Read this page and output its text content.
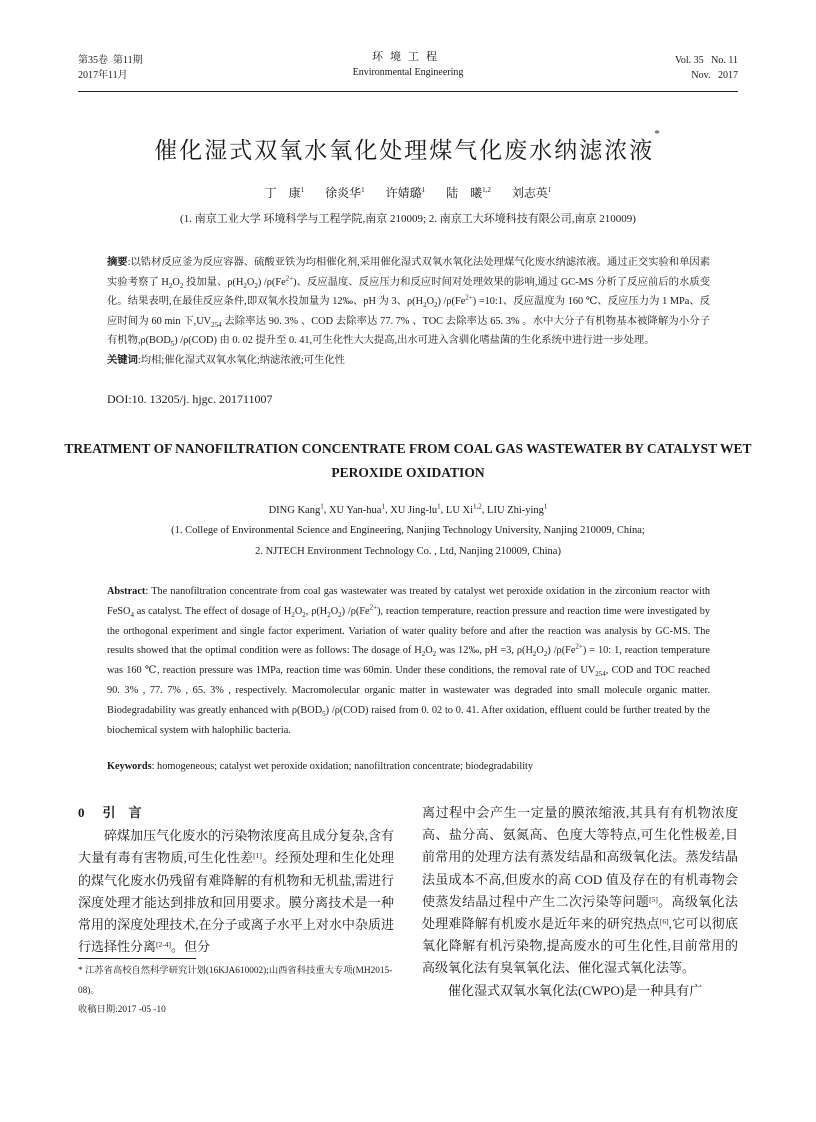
第35卷  第11期
2017年11月
环境工程
Environmental Engineering
Vol. 35   No. 11
Nov.   2017
催化湿式双氧水氧化处理煤气化废水纳滤浓液*
丁　康$^1$ 徐炎华$^1$ 许婧璐$^1$ 陆　曦$^{1,2}$ 刘志英$^1$
(1. 南京工业大学 环境科学与工程学院,南京 210009; 2. 南京工大环境科技有限公司,南京 210009)
摘要:以锆材反应釜为反应容器、硫酸亚铁为均相催化剂,采用催化湿式双氧水氧化法处理煤气化废水纳滤浓液。通过正交实验和单因素实验考察了 $H_2O_2$ 投加量、$\rho(H_2O_2)$ $/\rho(Fe^{2+})$、反应温度、反应压力和反应时间对处理效果的影响,通过 GC-MS 分析了反应前后的水质变化。结果表明,在最佳反应条件,即双氧水投加量为 12‰、pH 为 3、$\rho(H_2O_2)$ $/\rho(Fe^{2+})$ =10:1、反应温度为 160 ℃、反应压力为 1 MPa、反应时间为 60 min 下$,UV_{254}$ 去除率达 90. 3% 、COD 去除率达 77. 7% 、TOC 去除率达 65. 3% 。水中大分子有机物基本被降解为小分子有机物$,\rho(BOD_5)$ /ρ(COD) 由 0. 02 提升至 0. 41,可生化性大大提高,出水可进入含驯化嗜盐菌的生化系统中进行进一步处理。
关键词:均相;催化湿式双氧水氧化;纳滤浓液;可生化性
DOI:10. 13205/j. hjgc. 201711007
TREATMENT OF NANOFILTRATION CONCENTRATE FROM COAL GAS WASTEWATER BY CATALYST WET PEROXIDE OXIDATION
DING Kang$^1$, XU Yan-hua$^1$, XU Jing-$lu^1$, LU Xi$^{1,2}$, LIU Zhi-ying$^1$
(1. College of Environmental Science and Engineering, Nanjing Technology University, Nanjing 210009, China;
2. NJTECH Environment Technology Co. , Ltd, Nanjing 210009, China)
Abstract: The nanofiltration concentrate from coal gas wastewater was treated by catalyst wet peroxide oxidation in the zirconium reactor with FeSO$_4$ as catalyst. The effect of dosage of $H_2O_2$, $\rho(H_2O_2)$ $/\rho(Fe^{2+})$, reaction temperature, reaction pressure and reaction time were investigated by the orthogonal experiment and single factor experiment. Variation of water quality before and after the reaction was analysis by GC-MS. The results showed that the optimal condition were as follows: The dosage of $H_2O_2$ was 12‰, pH =3, $\rho(H_2O_2) /\rho(Fe^{2+}) = 10$: 1, reaction temperature was 160 ℃, reaction pressure was 1MPa, reaction time was 60min. Under these conditions, the removal rate of $UV_{254}$, COD and TOC reached 90. 3% , 77. 7% , 65. 3% , respectively. Macromolecular organic matter in wastewater was degraded into small molecule organic matter. Biodegradability was greatly enhanced with $\rho(BOD_5)$ /ρ(COD) raised from 0. 02 to 0. 41. After oxidation, effluent could be further treated by the biochemical system with halophilic bacteria.
Keywords: homogeneous; catalyst wet peroxide oxidation; nanofiltration concentrate; biodegradability
0 引　言
碎煤加压气化废水的污染物浓度高且成分复杂,含有大量有毒有害物质,可生化性差[1]。经预处理和生化处理的煤气化废水仍残留有难降解的有机物和无机盐,需进行深度处理才能达到排放和回用要求。膜分离技术是一种常用的深度处理技术,在分子或离子水平上对水中杂质进行选择性分离[2-4]。但分
* 江苏省高校自然科学研究计划(16KJA610002);山西省科技重大专项(MH2015-08)。
收稿日期:2017 -05 -10
离过程中会产生一定量的膜浓缩液,其具有有机物浓度高、盐分高、氨氮高、色度大等特点,可生化性极差,目前常用的处理方法有蒸发结晶和高级氧化法。蒸发结晶法虽成本不高,但废水的高 COD 值及存在的有机毒物会使蒸发结晶过程中产生二次污染等问题[5]。高级氧化法处理难降解有机废水是近年来的研究热点[6],它可以彻底氧化降解有机污染物,提高废水的可生化性,目前常用的高级氧化法有臭氧氧化法、催化湿式氧化法等。
催化湿式双氧水氧化法(CWPO)是一种具有广
